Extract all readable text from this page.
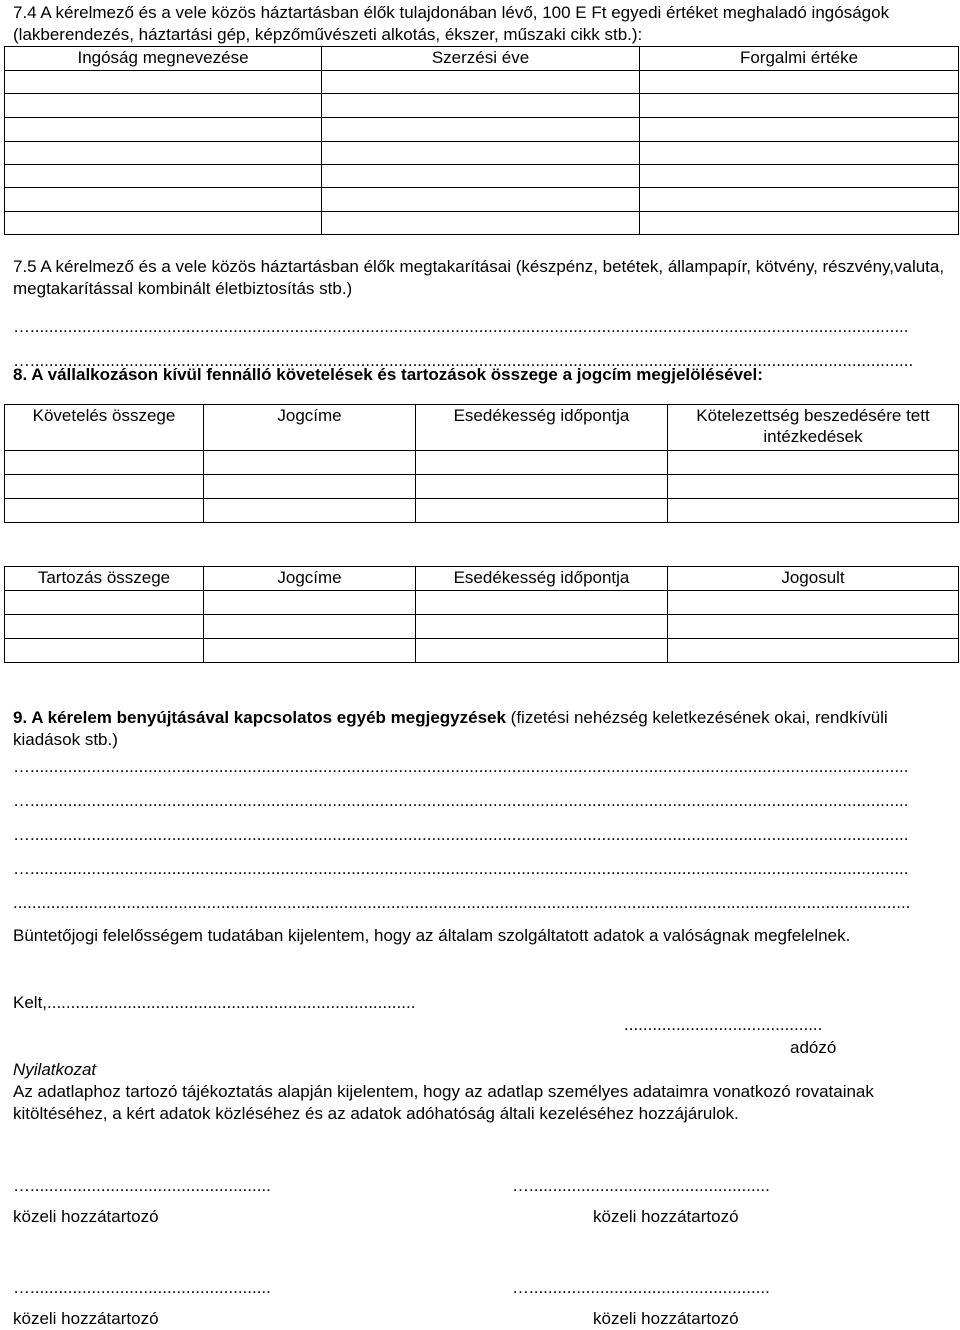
7.4 A kérelmező és a vele közös háztartásban élők tulajdonában lévő, 100 E Ft egyedi értéket meghaladó ingóságok (lakberendezés, háztartási gép, képzőművészeti alkotás, ékszer, műszaki cikk stb.):
Ingóság megnevezése	Szerzési éve	Forgalmi értéke

7.5 A kérelmező és a vele közös háztartásban élők megtakarításai (készpénz, betétek, állampapír, kötvény, részvény,valuta, megtakarítással kombinált életbiztosítás stb.)
…..........................................................................................................................................................................................
…...........................................................................................................................................................................................
8. A vállalkozáson kívül fennálló követelések és tartozások összege a jogcím megjelölésével:
Követelés összege	Jogcíme	Esedékesség időpontja	Kötelezettség beszedésére tett intézkedések

Tartozás összege	Jogcíme	Esedékesség időpontja	Jogosult

9. A kérelem benyújtásával kapcsolatos egyéb megjegyzések (fizetési nehézség keletkezésének okai, rendkívüli kiadások stb.)
…..........................................................................................................................................................................................
…..........................................................................................................................................................................................
…..........................................................................................................................................................................................
…..........................................................................................................................................................................................
..............................................................................................................................................................................................
Büntetőjogi felelősségem tudatában kijelentem, hogy az általam szolgáltatott adatok a valóságnak megfelelnek.
Kelt,..............................................................................
..........................................
adózó
Nyilatkozat
Az adatlaphoz tartozó tájékoztatás alapján kijelentem, hogy az adatlap személyes adataimra vonatkozó rovatainak kitöltéséhez, a kért adatok közléséhez és az adatok adóhatóság általi kezeléséhez hozzájárulok.
…...................................................	…...................................................
közeli hozzátartozó	közeli hozzátartozó
…...................................................	…...................................................
közeli hozzátartozó	közeli hozzátartozó
